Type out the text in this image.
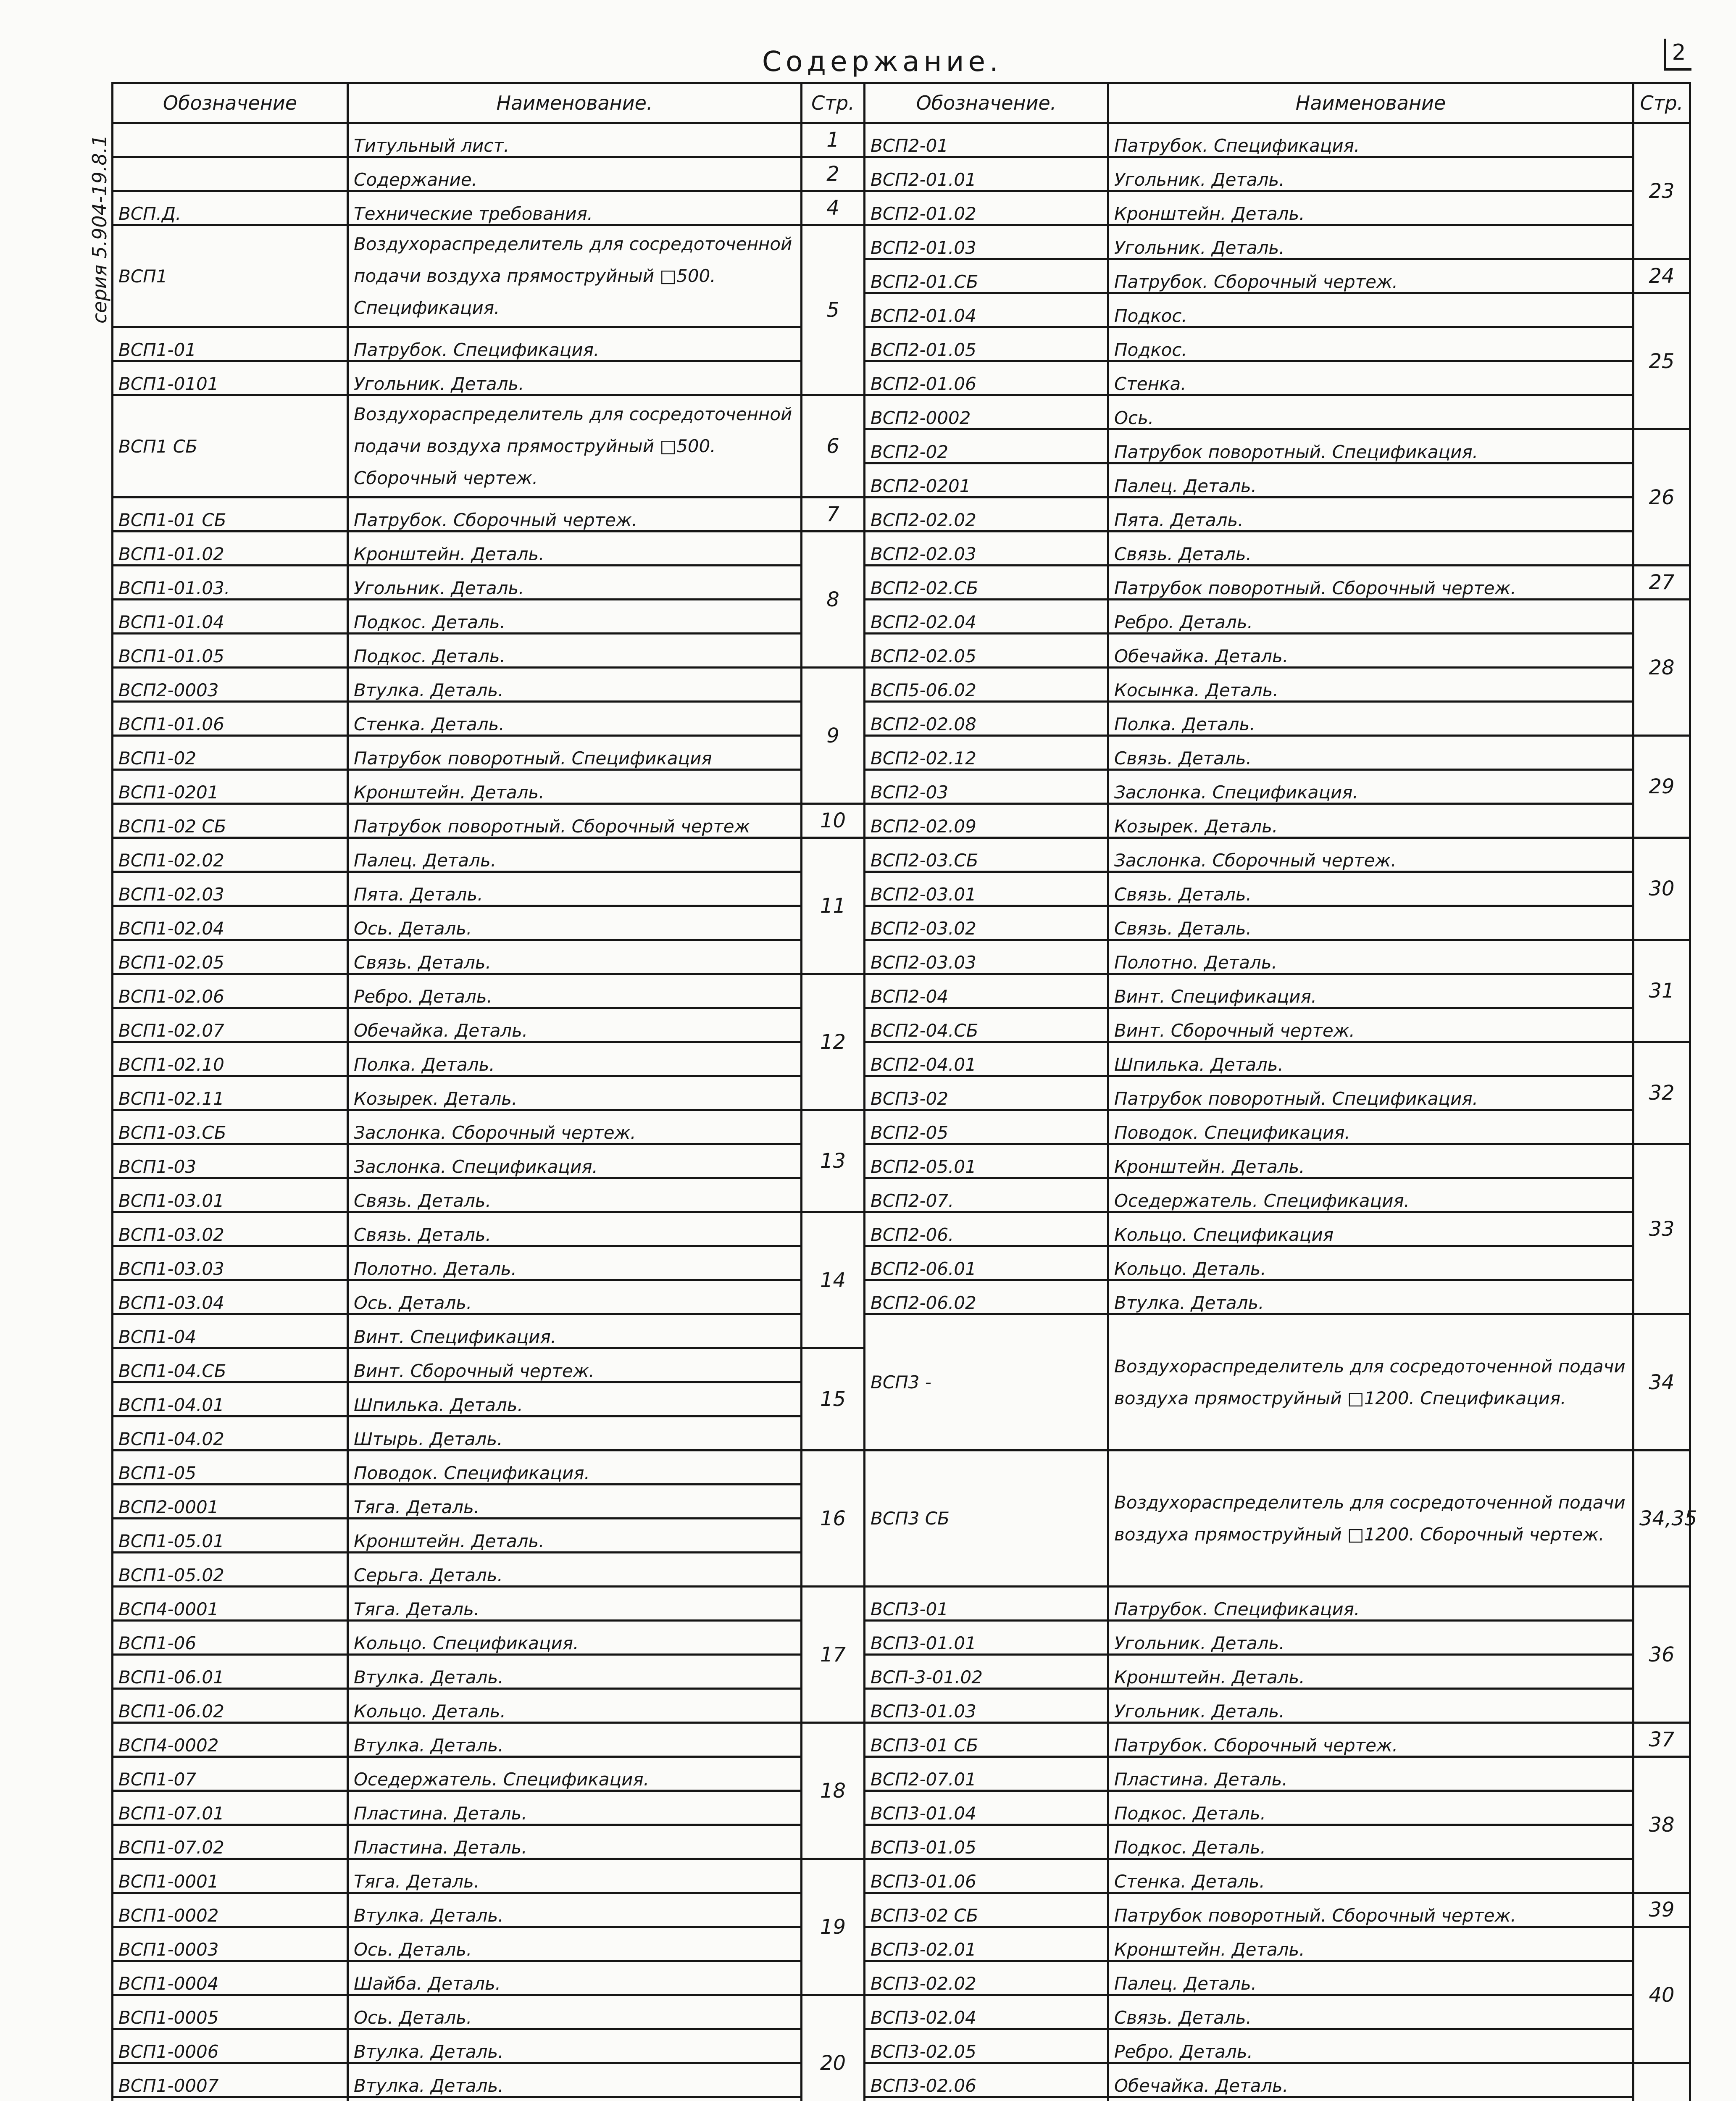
серия 5.904-19.8.1
2
Содержание.
Обозначение	Наименование.	Стр.	Обозначение.	Наименование	Стр.
	Титульный лист.	1	ВСП2-01	Патрубок. Спецификация.	23
	Содержание.	2	ВСП2-01.01	Угольник. Деталь.	
ВСП.Д.	Технические требования.	4	ВСП2-01.02	Кронштейн. Деталь.	
ВСП1	Воздухораспределитель для сосредоточенной подачи воздуха прямоструйный □500. Спецификация.	5	ВСП2-01.03	Угольник. Деталь.	
			ВСП2-01.СБ	Патрубок. Сборочный чертеж.	24
			ВСП2-01.04	Подкос.	25
ВСП1-01	Патрубок. Спецификация.		ВСП2-01.05	Подкос.	
ВСП1-0101	Угольник. Деталь.		ВСП2-01.06	Стенка.	
ВСП1 СБ	Воздухораспределитель для сосредоточенной подачи воздуха прямоструйный □500. Сборочный чертеж.	6	ВСП2-0002	Ось.	
			ВСП2-02	Патрубок поворотный. Спецификация.	26
			ВСП2-0201	Палец. Деталь.	
ВСП1-01 СБ	Патрубок. Сборочный чертеж.	7	ВСП2-02.02	Пята. Деталь.	
ВСП1-01.02	Кронштейн. Деталь.	8	ВСП2-02.03	Связь. Деталь.	
ВСП1-01.03.	Угольник. Деталь.		ВСП2-02.СБ	Патрубок поворотный. Сборочный чертеж.	27
ВСП1-01.04	Подкос. Деталь.		ВСП2-02.04	Ребро. Деталь.	28
ВСП1-01.05	Подкос. Деталь.		ВСП2-02.05	Обечайка. Деталь.	
ВСП2-0003	Втулка. Деталь.	9	ВСП5-06.02	Косынка. Деталь.	
ВСП1-01.06	Стенка. Деталь.		ВСП2-02.08	Полка. Деталь.	
ВСП1-02	Патрубок поворотный. Спецификация		ВСП2-02.12	Связь. Деталь.	29
ВСП1-0201	Кронштейн. Деталь.		ВСП2-03	Заслонка. Спецификация.	
ВСП1-02 СБ	Патрубок поворотный. Сборочный чертеж	10	ВСП2-02.09	Козырек. Деталь.	
ВСП1-02.02	Палец. Деталь.	11	ВСП2-03.СБ	Заслонка. Сборочный чертеж.	30
ВСП1-02.03	Пята. Деталь.		ВСП2-03.01	Связь. Деталь.	
ВСП1-02.04	Ось. Деталь.		ВСП2-03.02	Связь. Деталь.	
ВСП1-02.05	Связь. Деталь.		ВСП2-03.03	Полотно. Деталь.	31
ВСП1-02.06	Ребро. Деталь.	12	ВСП2-04	Винт. Спецификация.	
ВСП1-02.07	Обечайка. Деталь.		ВСП2-04.СБ	Винт. Сборочный чертеж.	
ВСП1-02.10	Полка. Деталь.		ВСП2-04.01	Шпилька. Деталь.	32
ВСП1-02.11	Козырек. Деталь.		ВСП3-02	Патрубок поворотный. Спецификация.	
ВСП1-03.СБ	Заслонка. Сборочный чертеж.	13	ВСП2-05	Поводок. Спецификация.	
ВСП1-03	Заслонка. Спецификация.		ВСП2-05.01	Кронштейн. Деталь.	33
ВСП1-03.01	Связь. Деталь.		ВСП2-07.	Оседержатель. Спецификация.	
ВСП1-03.02	Связь. Деталь.	14	ВСП2-06.	Кольцо. Спецификация	
ВСП1-03.03	Полотно. Деталь.		ВСП2-06.01	Кольцо. Деталь.	
ВСП1-03.04	Ось. Деталь.		ВСП2-06.02	Втулка. Деталь.	
ВСП1-04	Винт. Спецификация.		ВСП3 -	Воздухораспределитель для сосредоточенной подачи воздуха прямоструйный □1200. Спецификация.	34
ВСП1-04.СБ	Винт. Сборочный чертеж.	15			
ВСП1-04.01	Шпилька. Деталь.				
ВСП1-04.02	Штырь. Деталь.				
ВСП1-05	Поводок. Спецификация.	16	ВСП3 СБ	Воздухораспределитель для сосредоточенной подачи воздуха прямоструйный □1200. Сборочный чертеж.	34,35
ВСП2-0001	Тяга. Деталь.				
ВСП1-05.01	Кронштейн. Деталь.				
ВСП1-05.02	Серьга. Деталь.				
ВСП4-0001	Тяга. Деталь.	17	ВСП3-01	Патрубок. Спецификация.	36
ВСП1-06	Кольцо. Спецификация.		ВСП3-01.01	Угольник. Деталь.	
ВСП1-06.01	Втулка. Деталь.		ВСП-3-01.02	Кронштейн. Деталь.	
ВСП1-06.02	Кольцо. Деталь.		ВСП3-01.03	Угольник. Деталь.	
ВСП4-0002	Втулка. Деталь.	18	ВСП3-01 СБ	Патрубок. Сборочный чертеж.	37
ВСП1-07	Оседержатель. Спецификация.		ВСП2-07.01	Пластина. Деталь.	38
ВСП1-07.01	Пластина. Деталь.		ВСП3-01.04	Подкос. Деталь.	
ВСП1-07.02	Пластина. Деталь.		ВСП3-01.05	Подкос. Деталь.	
ВСП1-0001	Тяга. Деталь.	19	ВСП3-01.06	Стенка. Деталь.	
ВСП1-0002	Втулка. Деталь.		ВСП3-02 СБ	Патрубок поворотный. Сборочный чертеж.	39
ВСП1-0003	Ось. Деталь.		ВСП3-02.01	Кронштейн. Деталь.	40
ВСП1-0004	Шайба. Деталь.		ВСП3-02.02	Палец. Деталь.	
ВСП1-0005	Ось. Деталь.	20	ВСП3-02.04	Связь. Деталь.	
ВСП1-0006	Втулка. Деталь.		ВСП3-02.05	Ребро. Деталь.	
ВСП1-0007	Втулка. Деталь.		ВСП3-02.06	Обечайка. Деталь.	
